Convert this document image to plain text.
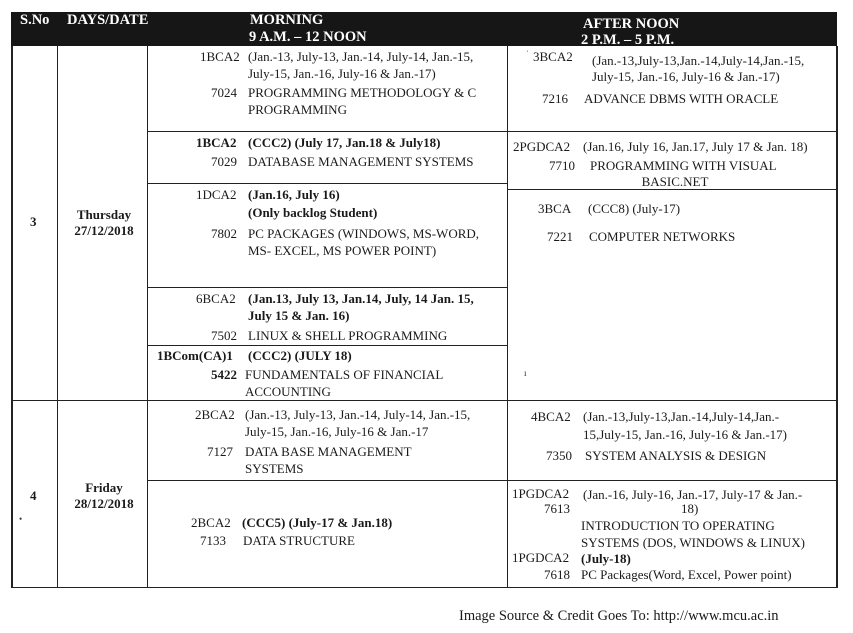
S.No DAYS/DATE	MORNING
9 A.M. – 12 NOON
AFTER NOON
2 P.M. – 5 P.M.
3	Thursday
27/12/2018
1BCA2 (Jan.-13, July-13, Jan.-14, July-14, Jan.-15,
July-15, Jan.-16, July-16 & Jan.-17)
7024 PROGRAMMING METHODOLOGY & C
PROGRAMMING
1BCA2 (CCC2) (July 17, Jan.18 & July18)
7029 DATABASE MANAGEMENT SYSTEMS
1DCA2 (Jan.16, July 16)
(Only backlog Student)
7802 PC PACKAGES (WINDOWS, MS-WORD,
MS- EXCEL, MS POWER POINT)
6BCA2 (Jan.13, July 13, Jan.14, July, 14 Jan. 15,
July 15 & Jan. 16)
7502 LINUX & SHELL PROGRAMMING
1BCom(CA)1 (CCC2) (JULY 18)
5422 FUNDAMENTALS OF FINANCIAL
ACCOUNTING
ˈ 3BCA2 (Jan.-13,July-13,Jan.-14,July-14,Jan.-15,
July-15, Jan.-16, July-16 & Jan.-17)
7216 ADVANCE DBMS WITH ORACLE
2PGDCA2 (Jan.16, July 16, Jan.17, July 17 & Jan. 18)
7710 PROGRAMMING WITH VISUAL
BASIC.NET
3BCA (CCC8) (July-17)
7221 COMPUTER NETWORKS
ı
4
Friday
28/12/2018
•
2BCA2 (Jan.-13, July-13, Jan.-14, July-14, Jan.-15,
July-15, Jan.-16, July-16 & Jan.-17
7127 DATA BASE MANAGEMENT
SYSTEMS
2BCA2 (CCC5) (July-17 & Jan.18)
7133 DATA STRUCTURE
4BCA2 (Jan.-13,July-13,Jan.-14,July-14,Jan.-
15,July-15, Jan.-16, July-16 & Jan.-17)
7350 SYSTEM ANALYSIS & DESIGN
1PGDCA2 (Jan.-16, July-16, Jan.-17, July-17 & Jan.-
18)
7613
INTRODUCTION TO OPERATING
SYSTEMS (DOS, WINDOWS & LINUX)
1PGDCA2 (July-18)
7618 PC Packages(Word, Excel, Power point)
Image Source & Credit Goes To: http://www.mcu.ac.in
